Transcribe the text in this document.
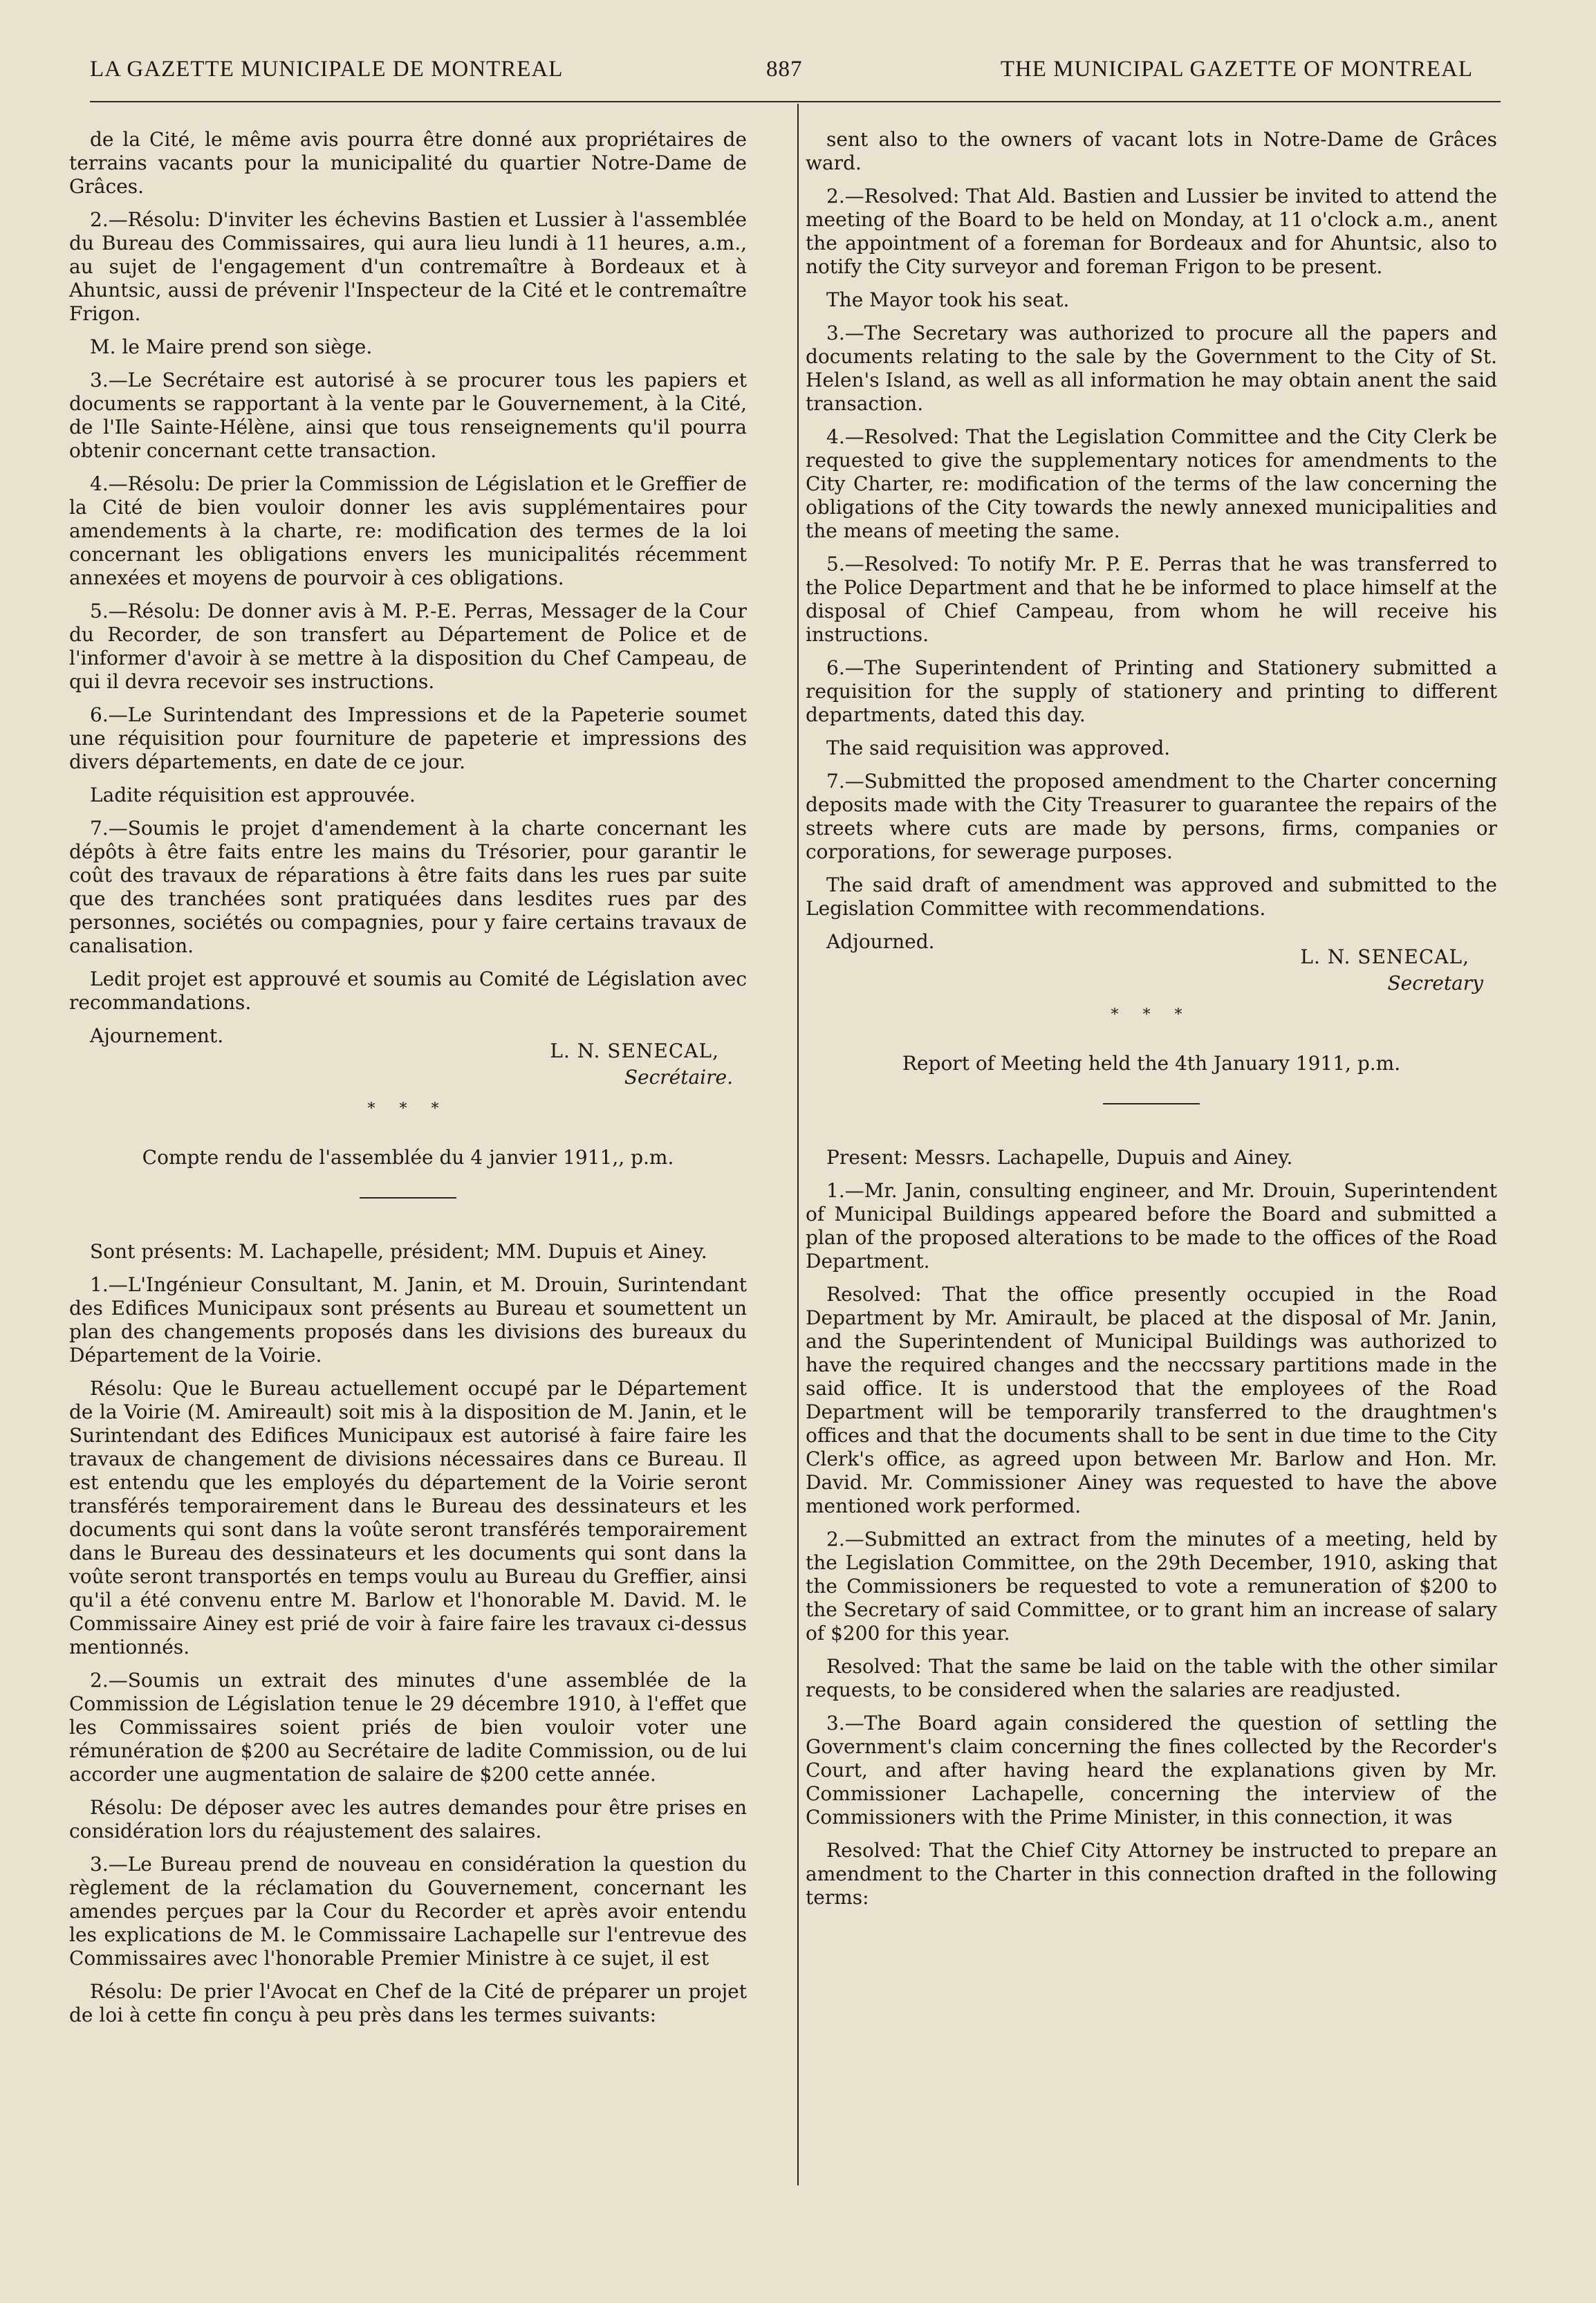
LA GAZETTE MUNICIPALE DE MONTREAL	887	THE MUNICIPAL GAZETTE OF MONTREAL

de la Cité, le même avis pourra être donné aux propriétaires de terrains vacants pour la municipalité du quartier Notre-Dame de Grâces.

2.—Résolu: D'inviter les échevins Bastien et Lussier à l'assemblée du Bureau des Commissaires, qui aura lieu lundi à 11 heures, a.m., au sujet de l'engagement d'un contremaître à Bordeaux et à Ahuntsic, aussi de prévenir l'Inspecteur de la Cité et le contremaître Frigon.

M. le Maire prend son siège.

3.—Le Secrétaire est autorisé à se procurer tous les papiers et documents se rapportant à la vente par le Gouvernement, à la Cité, de l'Ile Sainte-Hélène, ainsi que tous renseignements qu'il pourra obtenir concernant cette transaction.

4.—Résolu: De prier la Commission de Législation et le Greffier de la Cité de bien vouloir donner les avis supplémentaires pour amendements à la charte, re: modification des termes de la loi concernant les obligations envers les municipalités récemment annexées et moyens de pourvoir à ces obligations.

5.—Résolu: De donner avis à M. P.-E. Perras, Messager de la Cour du Recorder, de son transfert au Département de Police et de l'informer d'avoir à se mettre à la disposition du Chef Campeau, de qui il devra recevoir ses instructions.

6.—Le Surintendant des Impressions et de la Papeterie soumet une réquisition pour fourniture de papeterie et impressions des divers départements, en date de ce jour.

Ladite réquisition est approuvée.

7.—Soumis le projet d'amendement à la charte concernant les dépôts à être faits entre les mains du Trésorier, pour garantir le coût des travaux de réparations à être faits dans les rues par suite que des tranchées sont pratiquées dans lesdites rues par des personnes, sociétés ou compagnies, pour y faire certains travaux de canalisation.

Ledit projet est approuvé et soumis au Comité de Législation avec recommandations.

Ajournement.
L. N. SENECAL,
Secrétaire.
* * *
Compte rendu de l'assemblée du 4 janvier 1911,, p.m.

Sont présents: M. Lachapelle, président; MM. Dupuis et Ainey.

1.—L'Ingénieur Consultant, M. Janin, et M. Drouin, Surintendant des Edifices Municipaux sont présents au Bureau et soumettent un plan des changements proposés dans les divisions des bureaux du Département de la Voirie.

Résolu: Que le Bureau actuellement occupé par le Département de la Voirie (M. Amireault) soit mis à la disposition de M. Janin, et le Surintendant des Edifices Municipaux est autorisé à faire faire les travaux de changement de divisions nécessaires dans ce Bureau. Il est entendu que les employés du département de la Voirie seront transférés temporairement dans le Bureau des dessinateurs et les documents qui sont dans la voûte seront transférés temporairement dans le Bureau des dessinateurs et les documents qui sont dans la voûte seront transportés en temps voulu au Bureau du Greffier, ainsi qu'il a été convenu entre M. Barlow et l'honorable M. David. M. le Commissaire Ainey est prié de voir à faire faire les travaux ci-dessus mentionnés.

2.—Soumis un extrait des minutes d'une assemblée de la Commission de Législation tenue le 29 décembre 1910, à l'effet que les Commissaires soient priés de bien vouloir voter une rémunération de $200 au Secrétaire de ladite Commission, ou de lui accorder une augmentation de salaire de $200 cette année.

Résolu: De déposer avec les autres demandes pour être prises en considération lors du réajustement des salaires.

3.—Le Bureau prend de nouveau en considération la question du règlement de la réclamation du Gouvernement, concernant les amendes perçues par la Cour du Recorder et après avoir entendu les explications de M. le Commissaire Lachapelle sur l'entrevue des Commissaires avec l'honorable Premier Ministre à ce sujet, il est

Résolu: De prier l'Avocat en Chef de la Cité de préparer un projet de loi à cette fin conçu à peu près dans les termes suivants:

sent also to the owners of vacant lots in Notre-Dame de Grâces ward.

2.—Resolved: That Ald. Bastien and Lussier be invited to attend the meeting of the Board to be held on Monday, at 11 o'clock a.m., anent the appointment of a foreman for Bordeaux and for Ahuntsic, also to notify the City surveyor and foreman Frigon to be present.

The Mayor took his seat.

3.—The Secretary was authorized to procure all the papers and documents relating to the sale by the Government to the City of St. Helen's Island, as well as all information he may obtain anent the said transaction.

4.—Resolved: That the Legislation Committee and the City Clerk be requested to give the supplementary notices for amendments to the City Charter, re: modification of the terms of the law concerning the obligations of the City towards the newly annexed municipalities and the means of meeting the same.

5.—Resolved: To notify Mr. P. E. Perras that he was transferred to the Police Department and that he be informed to place himself at the disposal of Chief Campeau, from whom he will receive his instructions.

6.—The Superintendent of Printing and Stationery submitted a requisition for the supply of stationery and printing to different departments, dated this day.

The said requisition was approved.

7.—Submitted the proposed amendment to the Charter concerning deposits made with the City Treasurer to guarantee the repairs of the streets where cuts are made by persons, firms, companies or corporations, for sewerage purposes.

The said draft of amendment was approved and submitted to the Legislation Committee with recommendations.

Adjourned.
L. N. SENECAL,
Secretary
* * *
Report of Meeting held the 4th January 1911, p.m.

Present: Messrs. Lachapelle, Dupuis and Ainey.

1.—Mr. Janin, consulting engineer, and Mr. Drouin, Superintendent of Municipal Buildings appeared before the Board and submitted a plan of the proposed alterations to be made to the offices of the Road Department.

Resolved: That the office presently occupied in the Road Department by Mr. Amirault, be placed at the disposal of Mr. Janin, and the Superintendent of Municipal Buildings was authorized to have the required changes and the neccssary partitions made in the said office. It is understood that the employees of the Road Department will be temporarily transferred to the draughtmen's offices and that the documents shall to be sent in due time to the City Clerk's office, as agreed upon between Mr. Barlow and Hon. Mr. David. Mr. Commissioner Ainey was requested to have the above mentioned work performed.

2.—Submitted an extract from the minutes of a meeting, held by the Legislation Committee, on the 29th December, 1910, asking that the Commissioners be requested to vote a remuneration of $200 to the Secretary of said Committee, or to grant him an increase of salary of $200 for this year.

Resolved: That the same be laid on the table with the other similar requests, to be considered when the salaries are readjusted.

3.—The Board again considered the question of settling the Government's claim concerning the fines collected by the Recorder's Court, and after having heard the explanations given by Mr. Commissioner Lachapelle, concerning the interview of the Commissioners with the Prime Minister, in this connection, it was

Resolved: That the Chief City Attorney be instructed to prepare an amendment to the Charter in this connection drafted in the following terms:
